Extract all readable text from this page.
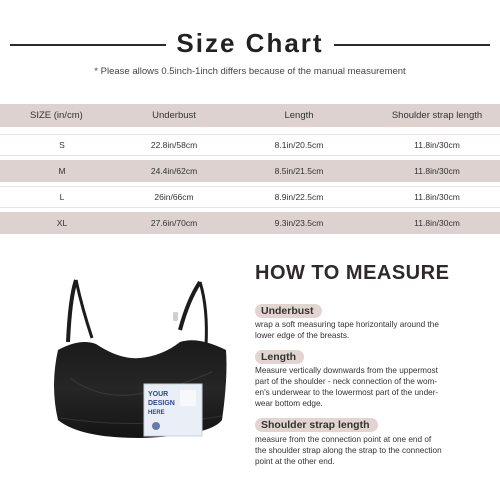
Size Chart
* Please allows 0.5inch-1inch differs because of the manual measurement
SIZE (in/cm)	Underbust	Length	Shoulder strap length
S	22.8in/58cm	8.1in/20.5cm	11.8in/30cm
M	24.4in/62cm	8.5in/21.5cm	11.8in/30cm
L	26in/66cm	8.9in/22.5cm	11.8in/30cm
XL	27.6in/70cm	9.3in/23.5cm	11.8in/30cm
YOUR
DESIGN
HERE
HOW TO MEASURE
Underbust
wrap a soft measuring tape horizontally around the
lower edge of the breasts.
Length
Measure vertically downwards from the uppermost
part of the shoulder - neck connection of the wom-
en's underwear to the lowermost part of the under-
wear bottom edge.
Shoulder strap length
measure from the connection point at one end of
the shoulder strap along the strap to the connection
point at the other end.
